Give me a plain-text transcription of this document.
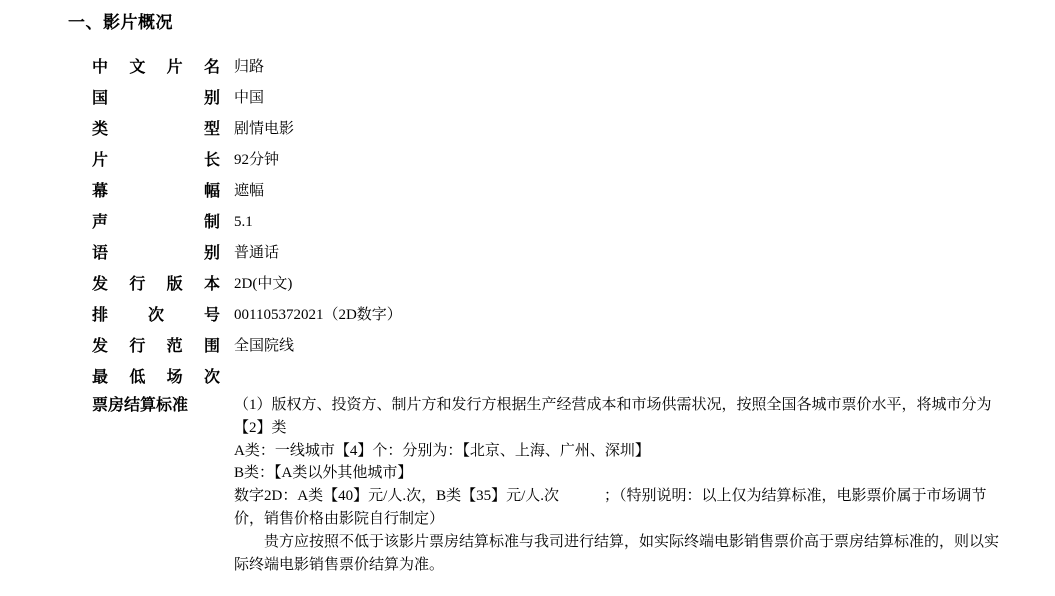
一、影片概况
中 文 片 名	归路

国 别	中国

类 型	剧情电影

片 长	92分钟

幕 幅	遮幅

声 制	5.1

语 别	普通话

发 行 版 本	2D(中文)

排 次 号	001105372021（2D数字）

发 行 范 围	全国院线

最 低 场 次	

票房结算标准	（1）版权方、投资方、制片方和发行方根据生产经营成本和市场供需状况，按照全国各城市票价水平，将城市分为【2】类

A类：一线城市【4】个：分别为：【北京、上海、广州、深圳】

B类：【A类以外其他城市】

数字2D：A类【40】元/人.次，B类【35】元/人.次　　　；（特别说明：以上仅为结算标准，电影票价属于市场调节价，销售价格由影院自行制定）

贵方应按照不低于该影片票房结算标准与我司进行结算，如实际终端电影销售票价高于票房结算标准的，则以实际终端电影销售票价结算为准。
